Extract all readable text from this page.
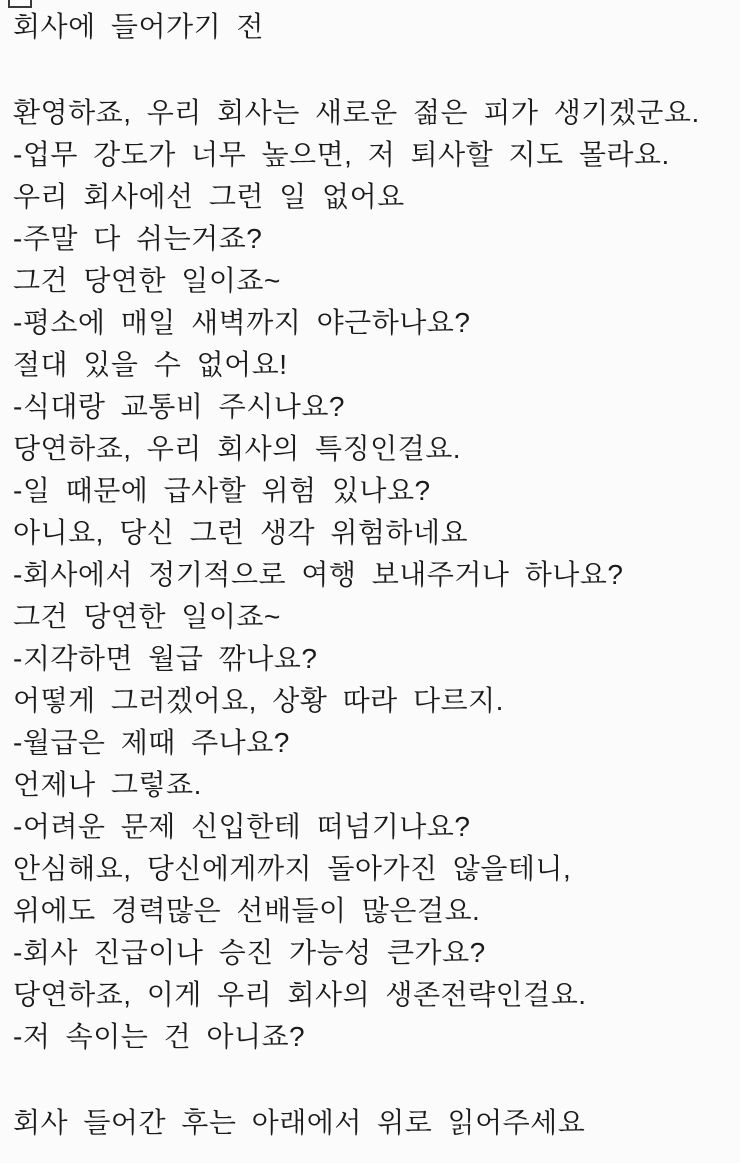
회사에 들어가기 전
환영하죠, 우리 회사는 새로운 젊은 피가 생기겠군요.
-업무 강도가 너무 높으면, 저 퇴사할 지도 몰라요.
우리 회사에선 그런 일 없어요
-주말 다 쉬는거죠?
그건 당연한 일이죠~
-평소에 매일 새벽까지 야근하나요?
절대 있을 수 없어요!
-식대랑 교통비 주시나요?
당연하죠, 우리 회사의 특징인걸요.
-일 때문에 급사할 위험 있나요?
아니요, 당신 그런 생각 위험하네요
-회사에서 정기적으로 여행 보내주거나 하나요?
그건 당연한 일이죠~
-지각하면 월급 깎나요?
어떻게 그러겠어요, 상황 따라 다르지.
-월급은 제때 주나요?
언제나 그렇죠.
-어려운 문제 신입한테 떠넘기나요?
안심해요, 당신에게까지 돌아가진 않을테니,
위에도 경력많은 선배들이 많은걸요.
-회사 진급이나 승진 가능성 큰가요?
당연하죠, 이게 우리 회사의 생존전략인걸요.
-저 속이는 건 아니죠?
회사 들어간 후는 아래에서 위로 읽어주세요
